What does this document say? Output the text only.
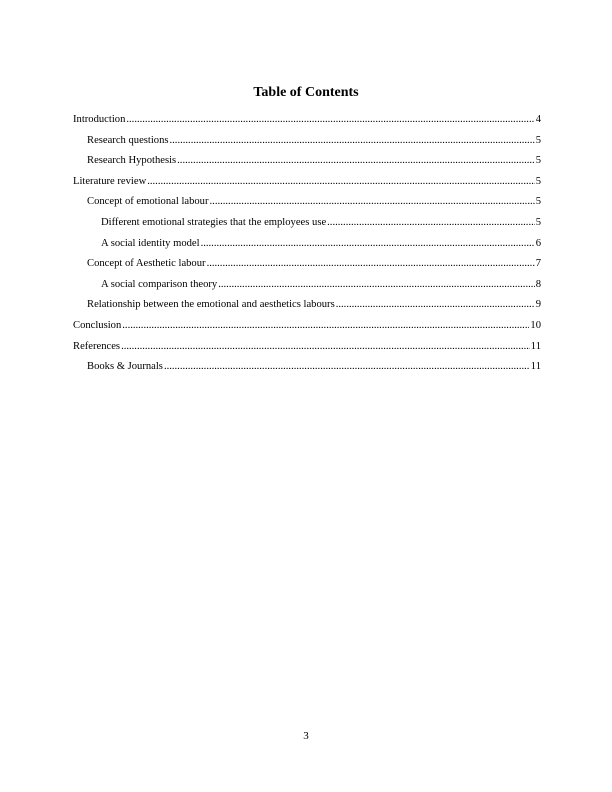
Table of Contents
Introduction .....	4
Research questions .....	5
Research Hypothesis .....	5
Literature review .....	5
Concept of emotional labour .....	5
Different emotional strategies that the employees use .....	5
A social identity model .....	6
Concept of Aesthetic labour .....	7
A social comparison theory .....	8
Relationship between the emotional and aesthetics labours .....	9
Conclusion .....	10
References .....	11
Books & Journals .....	11
3
